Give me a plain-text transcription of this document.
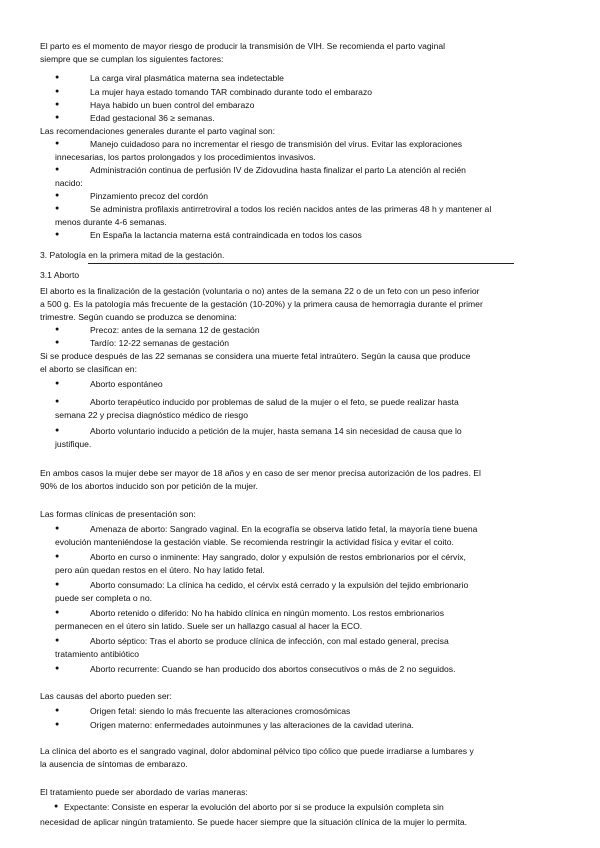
El parto es el momento de mayor riesgo de producir la transmisión de VIH. Se recomienda el parto vaginal
siempre que se cumplan los siguientes factores:
●	La carga viral plasmática materna sea indetectable
●	La mujer haya estado tomando TAR combinado durante todo el embarazo
●	Haya habido un buen control del embarazo
●	Edad gestacional 36 ≥ semanas.
Las recomendaciones generales durante el parto vaginal son:
●	Manejo cuidadoso para no incrementar el riesgo de transmisión del virus. Evitar las exploraciones
innecesarias, los partos prolongados y los procedimientos invasivos.
●	Administración continua de perfusión IV de Zidovudina hasta finalizar el parto La atención al recién
nacido:
●	Pinzamiento precoz del cordón
●	Se administra profilaxis antirretroviral a todos los recién nacidos antes de las primeras 48 h y mantener al
menos durante 4-6 semanas.
●	En España la lactancia materna está contraindicada en todos los casos
3. Patología en la primera mitad de la gestación.
3.1 Aborto
El aborto es la finalización de la gestación (voluntaria o no) antes de la semana 22 o de un feto con un peso inferior
a 500 g. Es la patología más frecuente de la gestación (10-20%) y la primera causa de hemorragia durante el primer
trimestre. Según cuando se produzca se denomina:
●	Precoz: antes de la semana 12 de gestación
●	Tardío: 12-22 semanas de gestación
Si se produce después de las 22 semanas se considera una muerte fetal intraútero. Según la causa que produce
el aborto se clasifican en:
●	Aborto espontáneo
●	Aborto terapéutico inducido por problemas de salud de la mujer o el feto, se puede realizar hasta
semana 22 y precisa diagnóstico médico de riesgo
●	Aborto voluntario inducido a petición de la mujer, hasta semana 14 sin necesidad de causa que lo
justifique.
En ambos casos la mujer debe ser mayor de 18 años y en caso de ser menor precisa autorización de los padres. El
90% de los abortos inducido son por petición de la mujer.
Las formas clínicas de presentación son:
●	Amenaza de aborto: Sangrado vaginal. En la ecografía se observa latido fetal, la mayoría tiene buena
evolución manteniéndose la gestación viable. Se recomienda restringir la actividad física y evitar el coito.
●	Aborto en curso o inminente: Hay sangrado, dolor y expulsión de restos embrionarios por el cérvix,
pero aún quedan restos en el útero. No hay latido fetal.
●	Aborto consumado: La clínica ha cedido, el cérvix está cerrado y la expulsión del tejido embrionario
puede ser completa o no.
●	Aborto retenido o diferido: No ha habido clínica en ningún momento. Los restos embrionarios
permanecen en el útero sin latido. Suele ser un hallazgo casual al hacer la ECO.
●	Aborto séptico: Tras el aborto se produce clínica de infección, con mal estado general, precisa
tratamiento antibiótico
●	Aborto recurrente: Cuando se han producido dos abortos consecutivos o más de 2 no seguidos.
Las causas del aborto pueden ser:
●	Origen fetal: siendo lo más frecuente las alteraciones cromosómicas
●	Origen materno: enfermedades autoinmunes y las alteraciones de la cavidad uterina.
La clínica del aborto es el sangrado vaginal, dolor abdominal pélvico tipo cólico que puede irradiarse a lumbares y
la ausencia de síntomas de embarazo.
El tratamiento puede ser abordado de varias maneras:
● Expectante: Consiste en esperar la evolución del aborto por si se produce la expulsión completa sin
necesidad de aplicar ningún tratamiento. Se puede hacer siempre que la situación clínica de la mujer lo permita.
